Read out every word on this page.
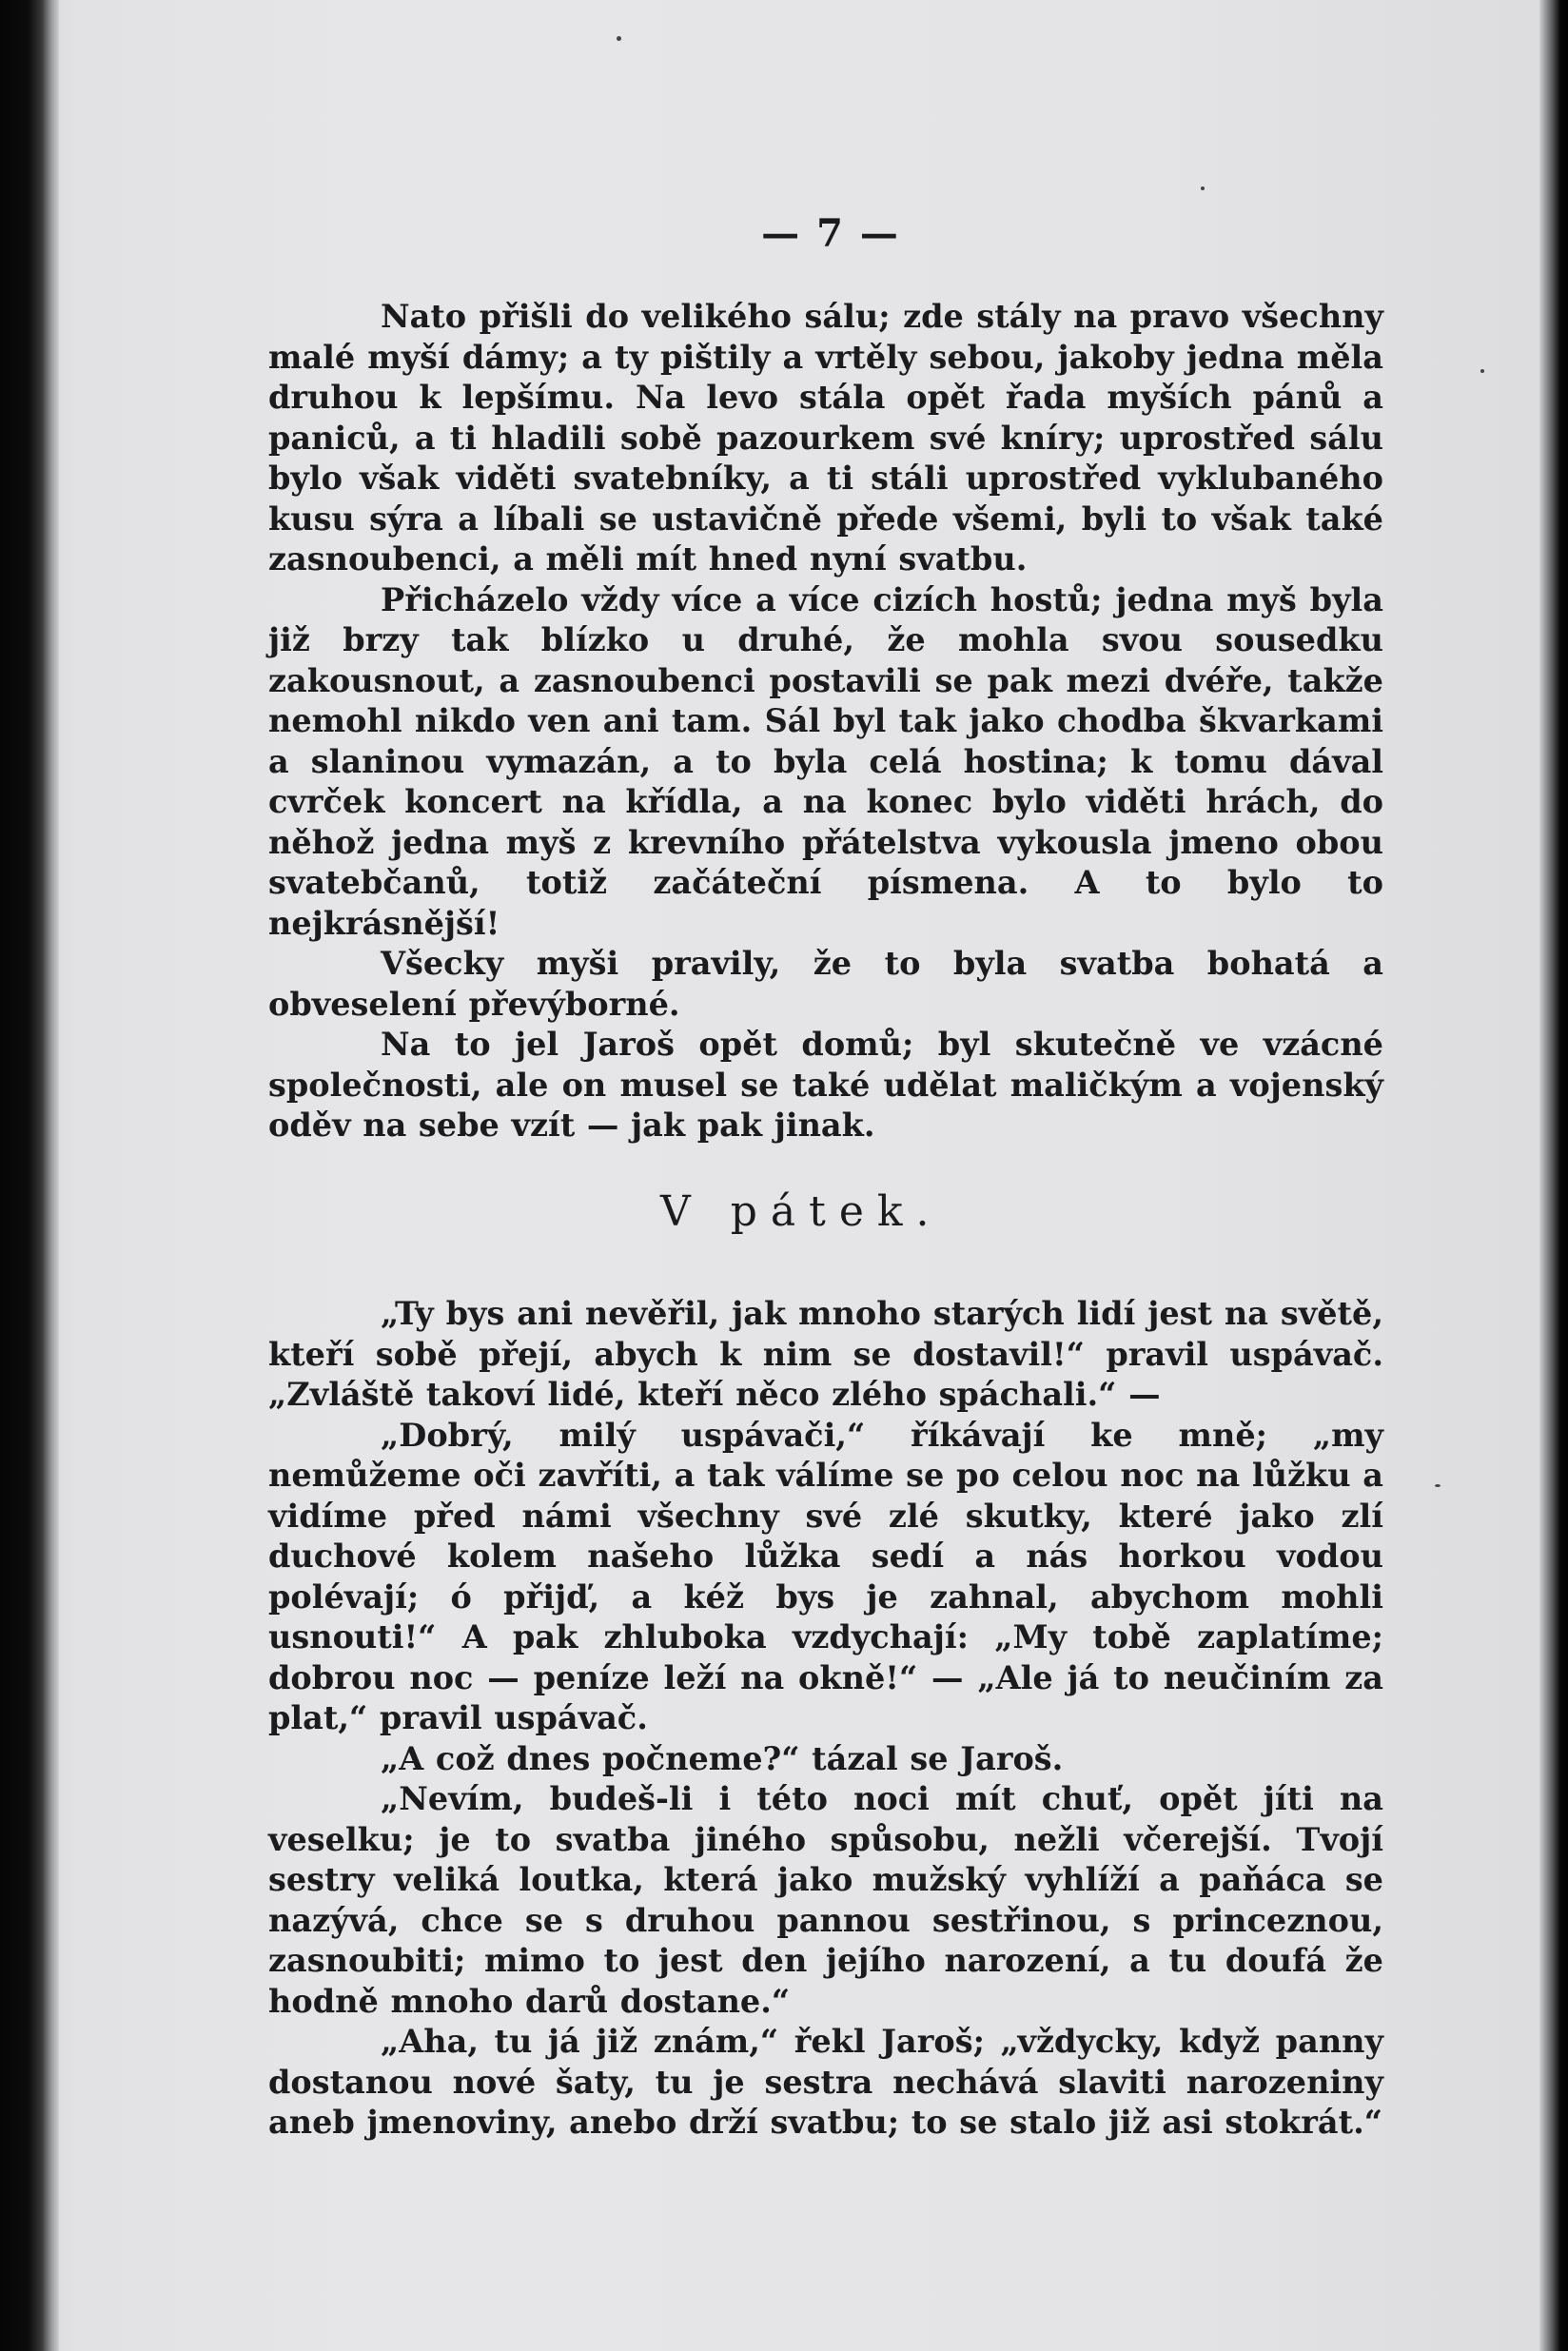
— 7 —

Nato přišli do velikého sálu; zde stály na pravo všechny malé myší dámy; a ty pištily a vrtěly sebou, jakoby jedna měla druhou k lepšímu. Na levo stála opět řada myších pánů a paniců, a ti hladili sobě pazourkem své kníry; uprostřed sálu bylo však viděti svatebníky, a ti stáli uprostřed vyklubaného kusu sýra a líbali se ustavičně přede všemi, byli to však také zasnoubenci, a měli mít hned nyní svatbu.

Přicházelo vždy více a více cizích hostů; jedna myš byla již brzy tak blízko u druhé, že mohla svou sousedku zakousnout, a zasnoubenci postavili se pak mezi dvéře, takže nemohl nikdo ven ani tam. Sál byl tak jako chodba škvarkami a slaninou vymazán, a to byla celá hostina; k tomu dával cvrček koncert na křídla, a na konec bylo viděti hrách, do něhož jedna myš z krevního přátelstva vykousla jmeno obou svatebčanů, totiž začáteční písmena. A to bylo to nejkrásnější!

Všecky myši pravily, že to byla svatba bohatá a obveselení převýborné.

Na to jel Jaroš opět domů; byl skutečně ve vzácné společnosti, ale on musel se také udělat maličkým a vojenský oděv na sebe vzít — jak pak jinak.

V pátek.

„Ty bys ani nevěřil, jak mnoho starých lidí jest na světě, kteří sobě přejí, abych k nim se dostavil!“ pravil uspávač. „Zvláště takoví lidé, kteří něco zlého spáchali.“ —

„Dobrý, milý uspávači,“ říkávají ke mně; „my nemůžeme oči zavříti, a tak válíme se po celou noc na lůžku a vidíme před námi všechny své zlé skutky, které jako zlí duchové kolem našeho lůžka sedí a nás horkou vodou polévají; ó přijď, a kéž bys je zahnal, abychom mohli usnouti!“ A pak zhluboka vzdychají: „My tobě zaplatíme; dobrou noc — peníze leží na okně!“ — „Ale já to neučiním za plat,“ pravil uspávač.

„A což dnes počneme?“ tázal se Jaroš.

„Nevím, budeš-li i této noci mít chuť, opět jíti na veselku; je to svatba jiného spůsobu, nežli včerejší. Tvojí sestry veliká loutka, která jako mužský vyhlíží a paňáca se nazývá, chce se s druhou pannou sestřinou, s princeznou, zasnoubiti; mimo to jest den jejího narození, a tu doufá že hodně mnoho darů dostane.“

„Aha, tu já již znám,“ řekl Jaroš; „vždycky, když panny dostanou nové šaty, tu je sestra nechává slaviti narozeniny aneb jmenoviny, anebo drží svatbu; to se stalo již asi stokrát.“
